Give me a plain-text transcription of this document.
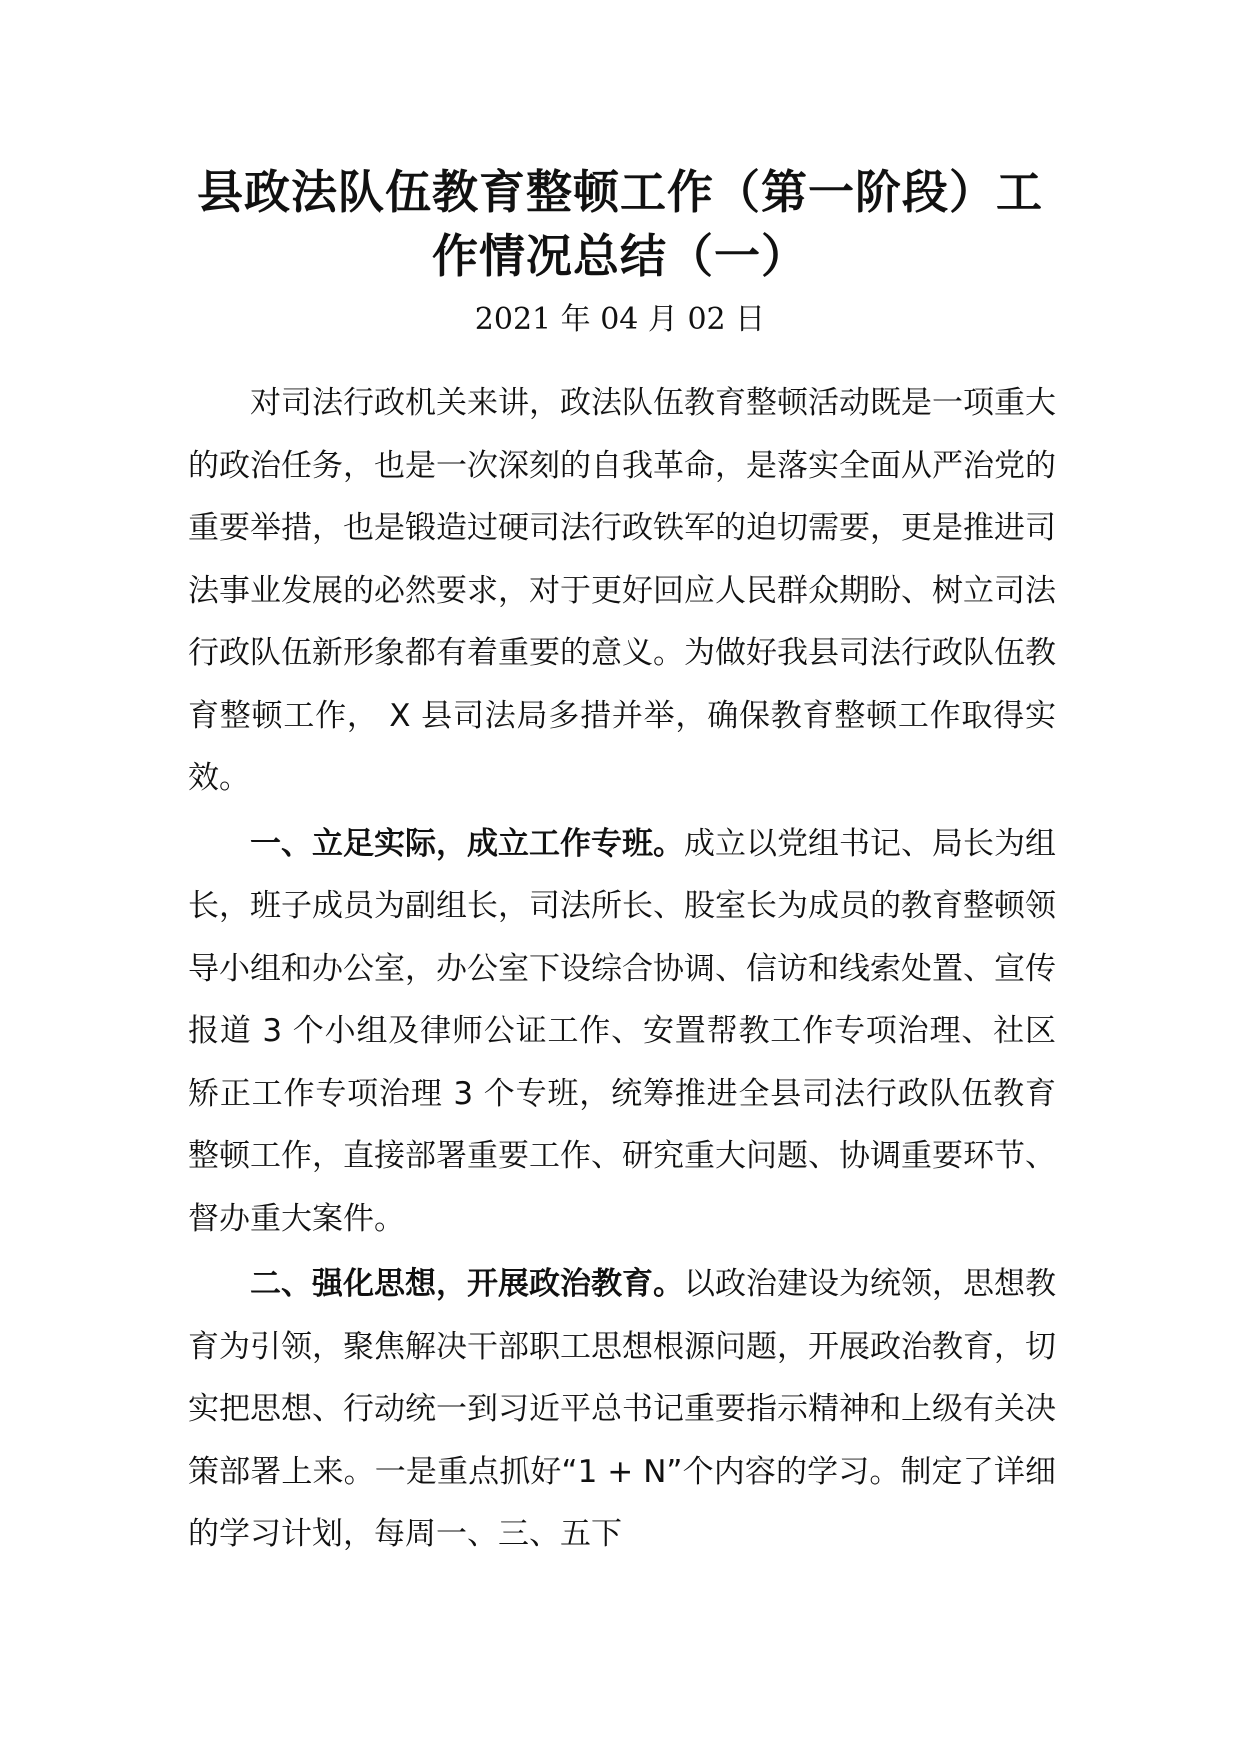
县政法队伍教育整顿工作（第一阶段）工
作情况总结（一）
2021 年 04 月 02 日

对司法行政机关来讲，政法队伍教育整顿活动既是一项重大的政治任务，也是一次深刻的自我革命，是落实全面从严治党的重要举措，也是锻造过硬司法行政铁军的迫切需要，更是推进司法事业发展的必然要求，对于更好回应人民群众期盼、树立司法行政队伍新形象都有着重要的意义。为做好我县司法行政队伍教育整顿工作， X 县司法局多措并举，确保教育整顿工作取得实效。

一、立足实际，成立工作专班。成立以党组书记、局长为组长，班子成员为副组长，司法所长、股室长为成员的教育整顿领导小组和办公室，办公室下设综合协调、信访和线索处置、宣传报道 3 个小组及律师公证工作、安置帮教工作专项治理、社区矫正工作专项治理 3 个专班，统筹推进全县司法行政队伍教育整顿工作，直接部署重要工作、研究重大问题、协调重要环节、督办重大案件。

二、强化思想，开展政治教育。以政治建设为统领，思想教育为引领，聚焦解决干部职工思想根源问题，开展政治教育，切实把思想、行动统一到习近平总书记重要指示精神和上级有关决策部署上来。一是重点抓好“1 + N”个内容的学习。制定了详细的学习计划，每周一、三、五下
